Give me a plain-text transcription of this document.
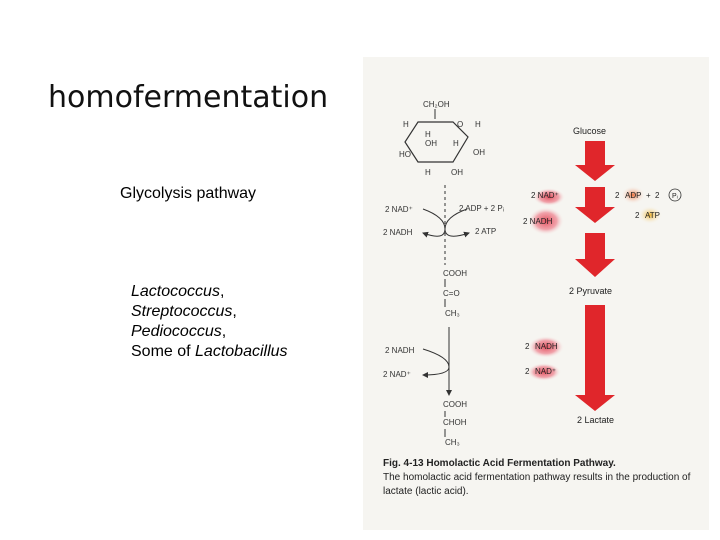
homofermentation
Glycolysis pathway
Lactococcus,
Streptococcus,
Pediococcus,
Some of Lactobacillus
CH₂OH
O
H
H
H
OH H
HO	OH
H	OH
2 NAD⁺
2 NADH
2 ADP + 2 Pᵢ
2 ATP
COOH
C=O
CH₃
2 NADH
2 NAD⁺
COOH
CHOH
CH₃
Glucose
2 NAD⁺
2 NADH
2 ADP + 2 Pᵢ
2 ATP
2 Pyruvate
2 NADH
2 NAD⁺
2 Lactate
Fig. 4-13 Homolactic Acid Fermentation Pathway.
The homolactic acid fermentation pathway results in the production of lactate (lactic acid).
